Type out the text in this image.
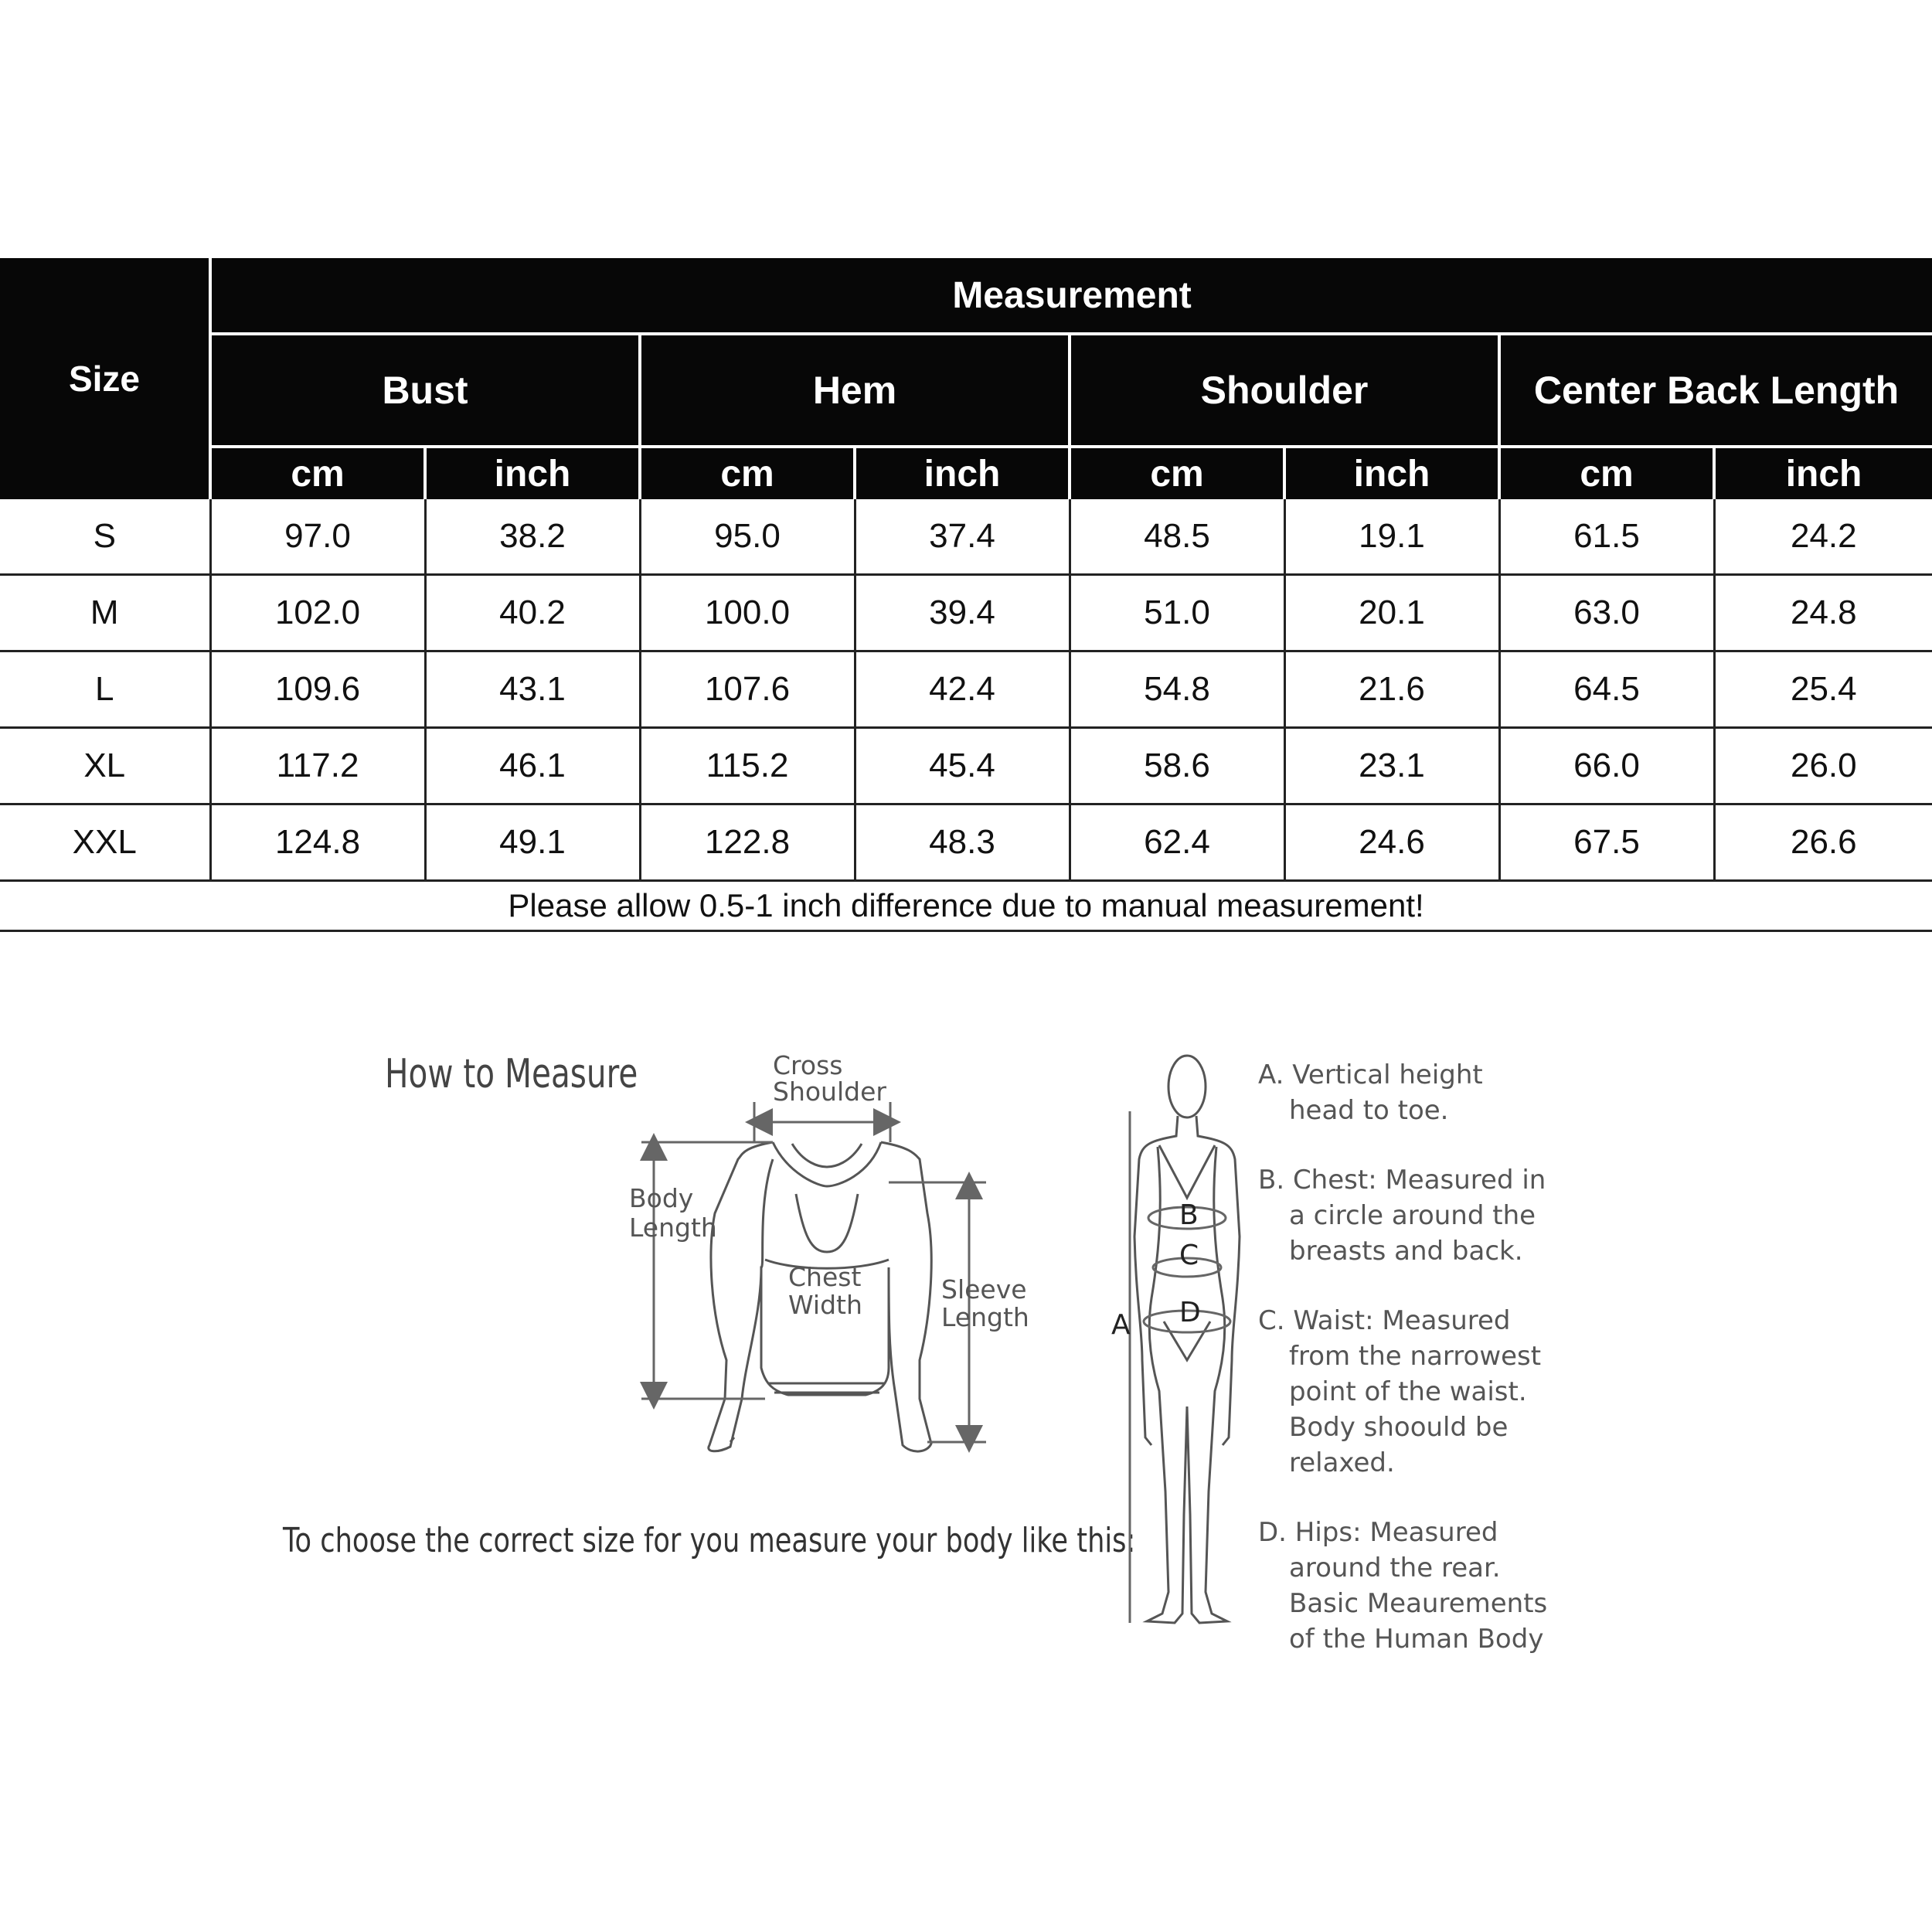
Size	Measurement							
	Bust		Hem		Shoulder		Center Back Length	
	cm	inch	cm	inch	cm	inch	cm	inch
S	97.0	38.2	95.0	37.4	48.5	19.1	61.5	24.2
M	102.0	40.2	100.0	39.4	51.0	20.1	63.0	24.8
L	109.6	43.1	107.6	42.4	54.8	21.6	64.5	25.4
XL	117.2	46.1	115.2	45.4	58.6	23.1	66.0	26.0
XXL	124.8	49.1	122.8	48.3	62.4	24.6	67.5	26.6
Please allow 0.5-1 inch difference due to manual measurement!								
How to Measure
To choose the correct size for you measure your body like this:
Cross
Shoulder
Body
Length
Chest
Width
Sleeve
Length
B
C
D
A
A. Vertical height head to toe.
B. Chest: Measured in a circle around the breasts and back.
C. Waist: Measured from the narrowest point of the waist. Body shoould be relaxed.
D. Hips: Measured around the rear. Basic Meaurements of the Human Body
